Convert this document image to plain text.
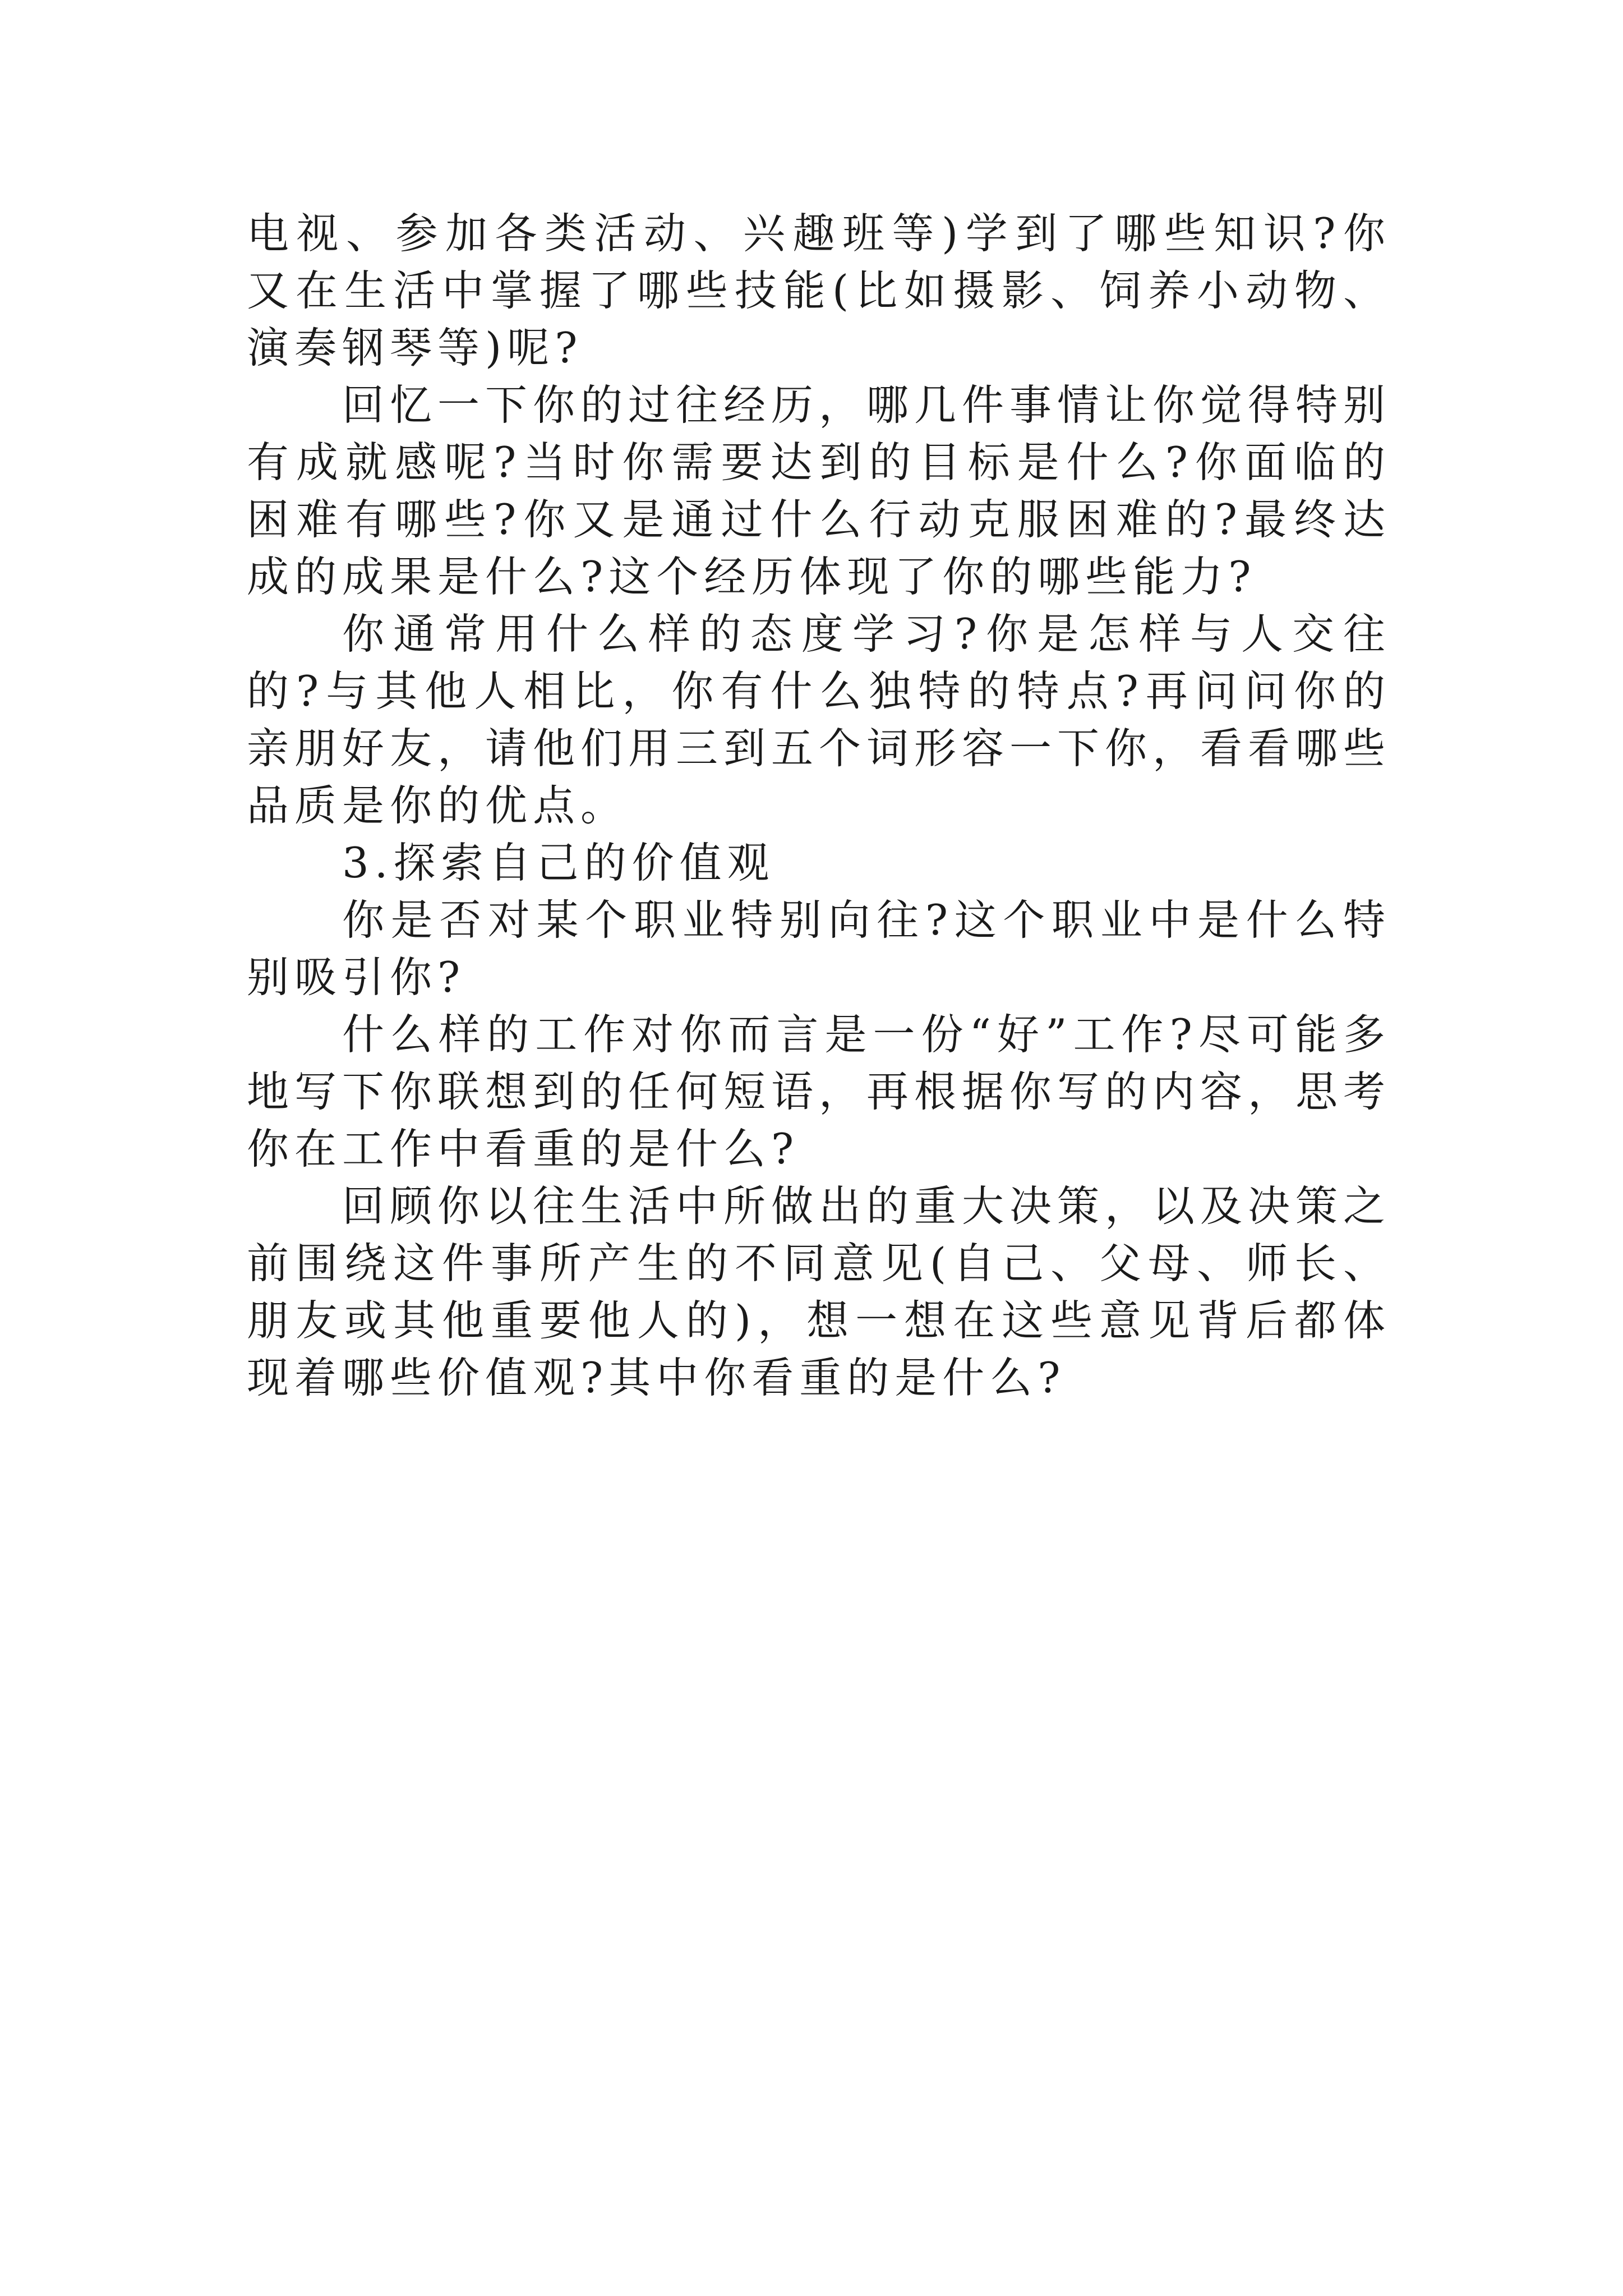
电视、参加各类活动、兴趣班等)学到了哪些知识?你又在生活中掌握了哪些技能(比如摄影、饲养小动物、演奏钢琴等)呢?

回忆一下你的过往经历，哪几件事情让你觉得特别有成就感呢?当时你需要达到的目标是什么?你面临的困难有哪些?你又是通过什么行动克服困难的?最终达成的成果是什么?这个经历体现了你的哪些能力?

你通常用什么样的态度学习?你是怎样与人交往的?与其他人相比，你有什么独特的特点?再问问你的亲朋好友，请他们用三到五个词形容一下你，看看哪些品质是你的优点。

3.探索自己的价值观

你是否对某个职业特别向往?这个职业中是什么特别吸引你?

什么样的工作对你而言是一份“好”工作?尽可能多地写下你联想到的任何短语，再根据你写的内容，思考你在工作中看重的是什么?

回顾你以往生活中所做出的重大决策，以及决策之前围绕这件事所产生的不同意见(自己、父母、师长、朋友或其他重要他人的)，想一想在这些意见背后都体现着哪些价值观?其中你看重的是什么?
